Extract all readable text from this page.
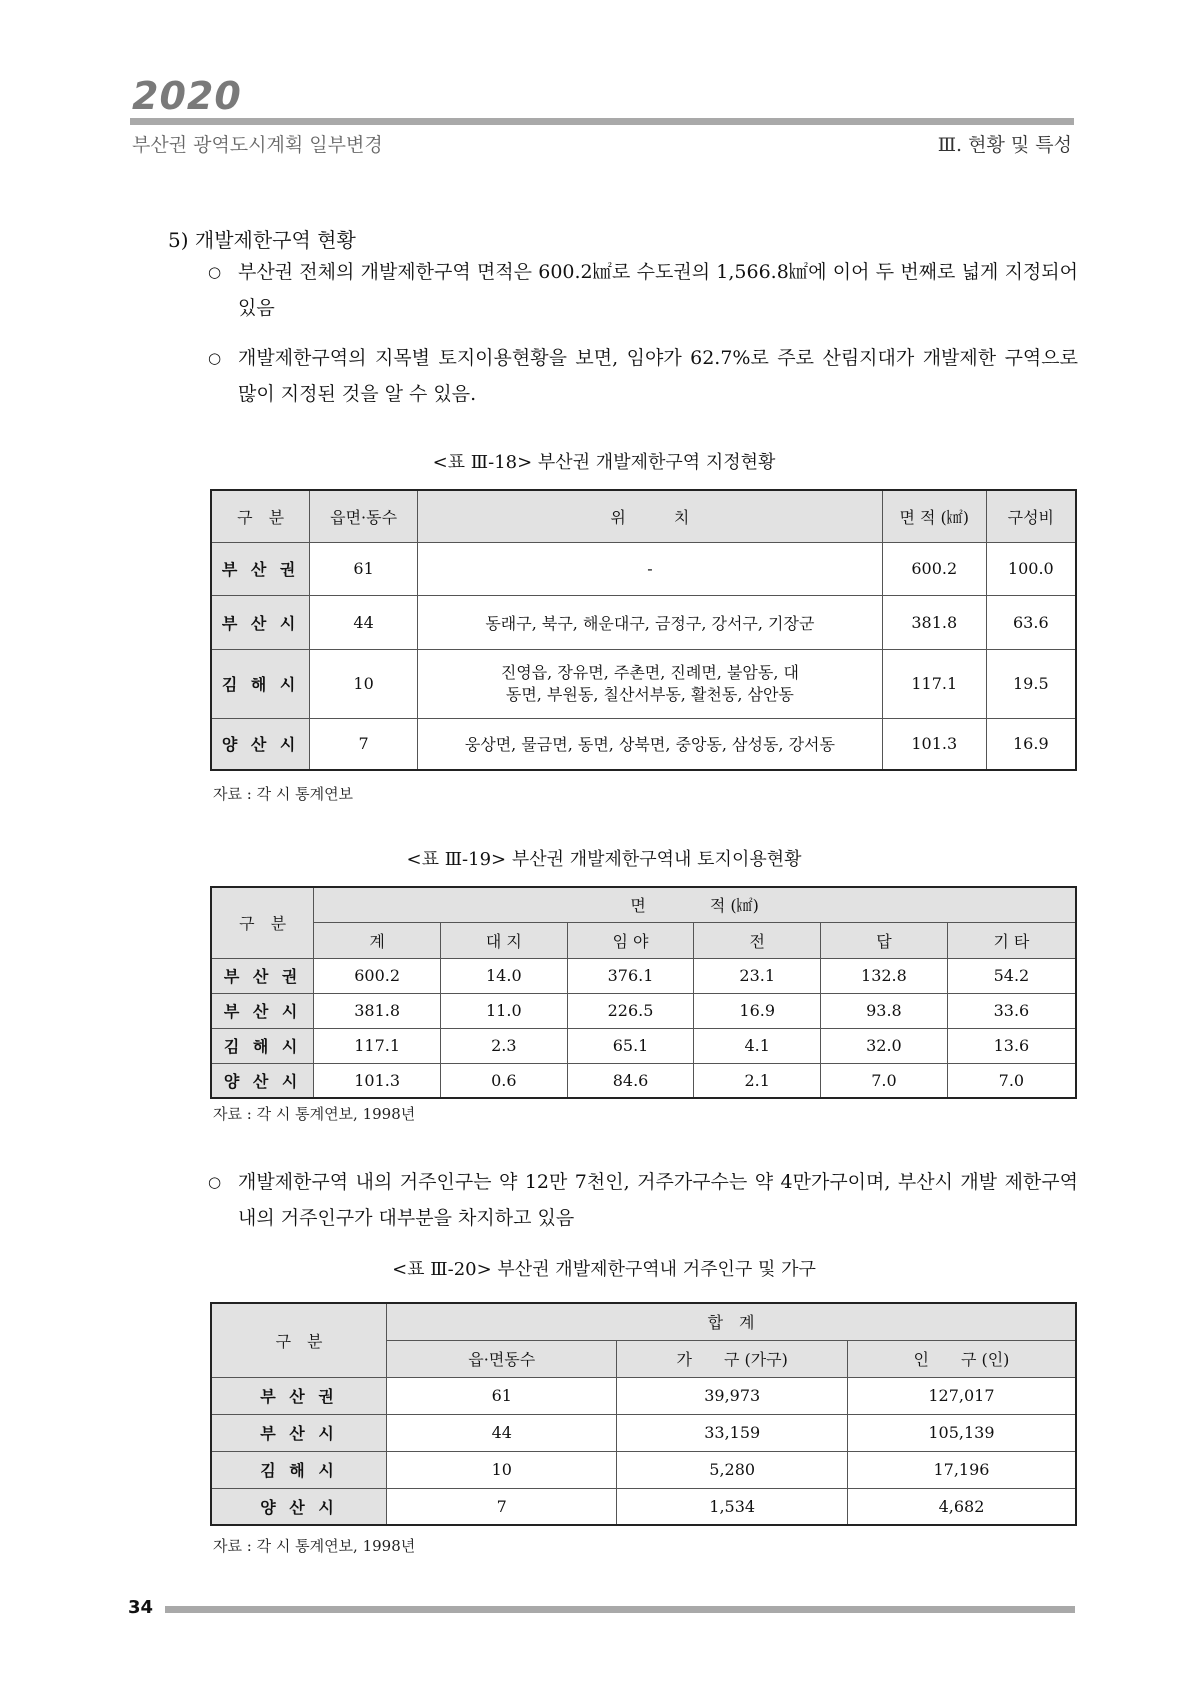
2020
부산권 광역도시계획 일부변경	Ⅲ. 현황 및 특성
5) 개발제한구역 현황
○ 부산권 전체의 개발제한구역 면적은 600.2㎢로 수도권의 1,566.8㎢에 이어 두 번째로 넓게 지정되어 있음
○ 개발제한구역의 지목별 토지이용현황을 보면, 임야가 62.7%로 주로 산림지대가 개발제한 구역으로 많이 지정된 것을 알 수 있음.
<표 Ⅲ-18> 부산권 개발제한구역 지정현황
구　분	읍면·동수	위　　　치	면 적 (㎢)	구성비
부 산 권	61	-	600.2	100.0
부 산 시	44	동래구, 북구, 해운대구, 금정구, 강서구, 기장군	381.8	63.6
김 해 시	10	진영읍, 장유면, 주촌면, 진례면, 불암동, 대동면, 부원동, 칠산서부동, 활천동, 삼안동	117.1	19.5
양 산 시	7	웅상면, 물금면, 동면, 상북면, 중앙동, 삼성동, 강서동	101.3	16.9
자료 : 각 시 통계연보
<표 Ⅲ-19> 부산권 개발제한구역내 토지이용현황
구　분	면　　　　적 (㎢)					
	계	대 지	임 야	전	답	기 타
부 산 권	600.2	14.0	376.1	23.1	132.8	54.2
부 산 시	381.8	11.0	226.5	16.9	93.8	33.6
김 해 시	117.1	2.3	65.1	4.1	32.0	13.6
양 산 시	101.3	0.6	84.6	2.1	7.0	7.0
자료 : 각 시 통계연보, 1998년
○ 개발제한구역 내의 거주인구는 약 12만 7천인, 거주가구수는 약 4만가구이며, 부산시 개발 제한구역 내의 거주인구가 대부분을 차지하고 있음
<표 Ⅲ-20> 부산권 개발제한구역내 거주인구 및 가구
구　분	합　계		
	읍·면동수	가　　구 (가구)	인　　구 (인)
부 산 권	61	39,973	127,017
부 산 시	44	33,159	105,139
김 해 시	10	5,280	17,196
양 산 시	7	1,534	4,682
자료 : 각 시 통계연보, 1998년
34
